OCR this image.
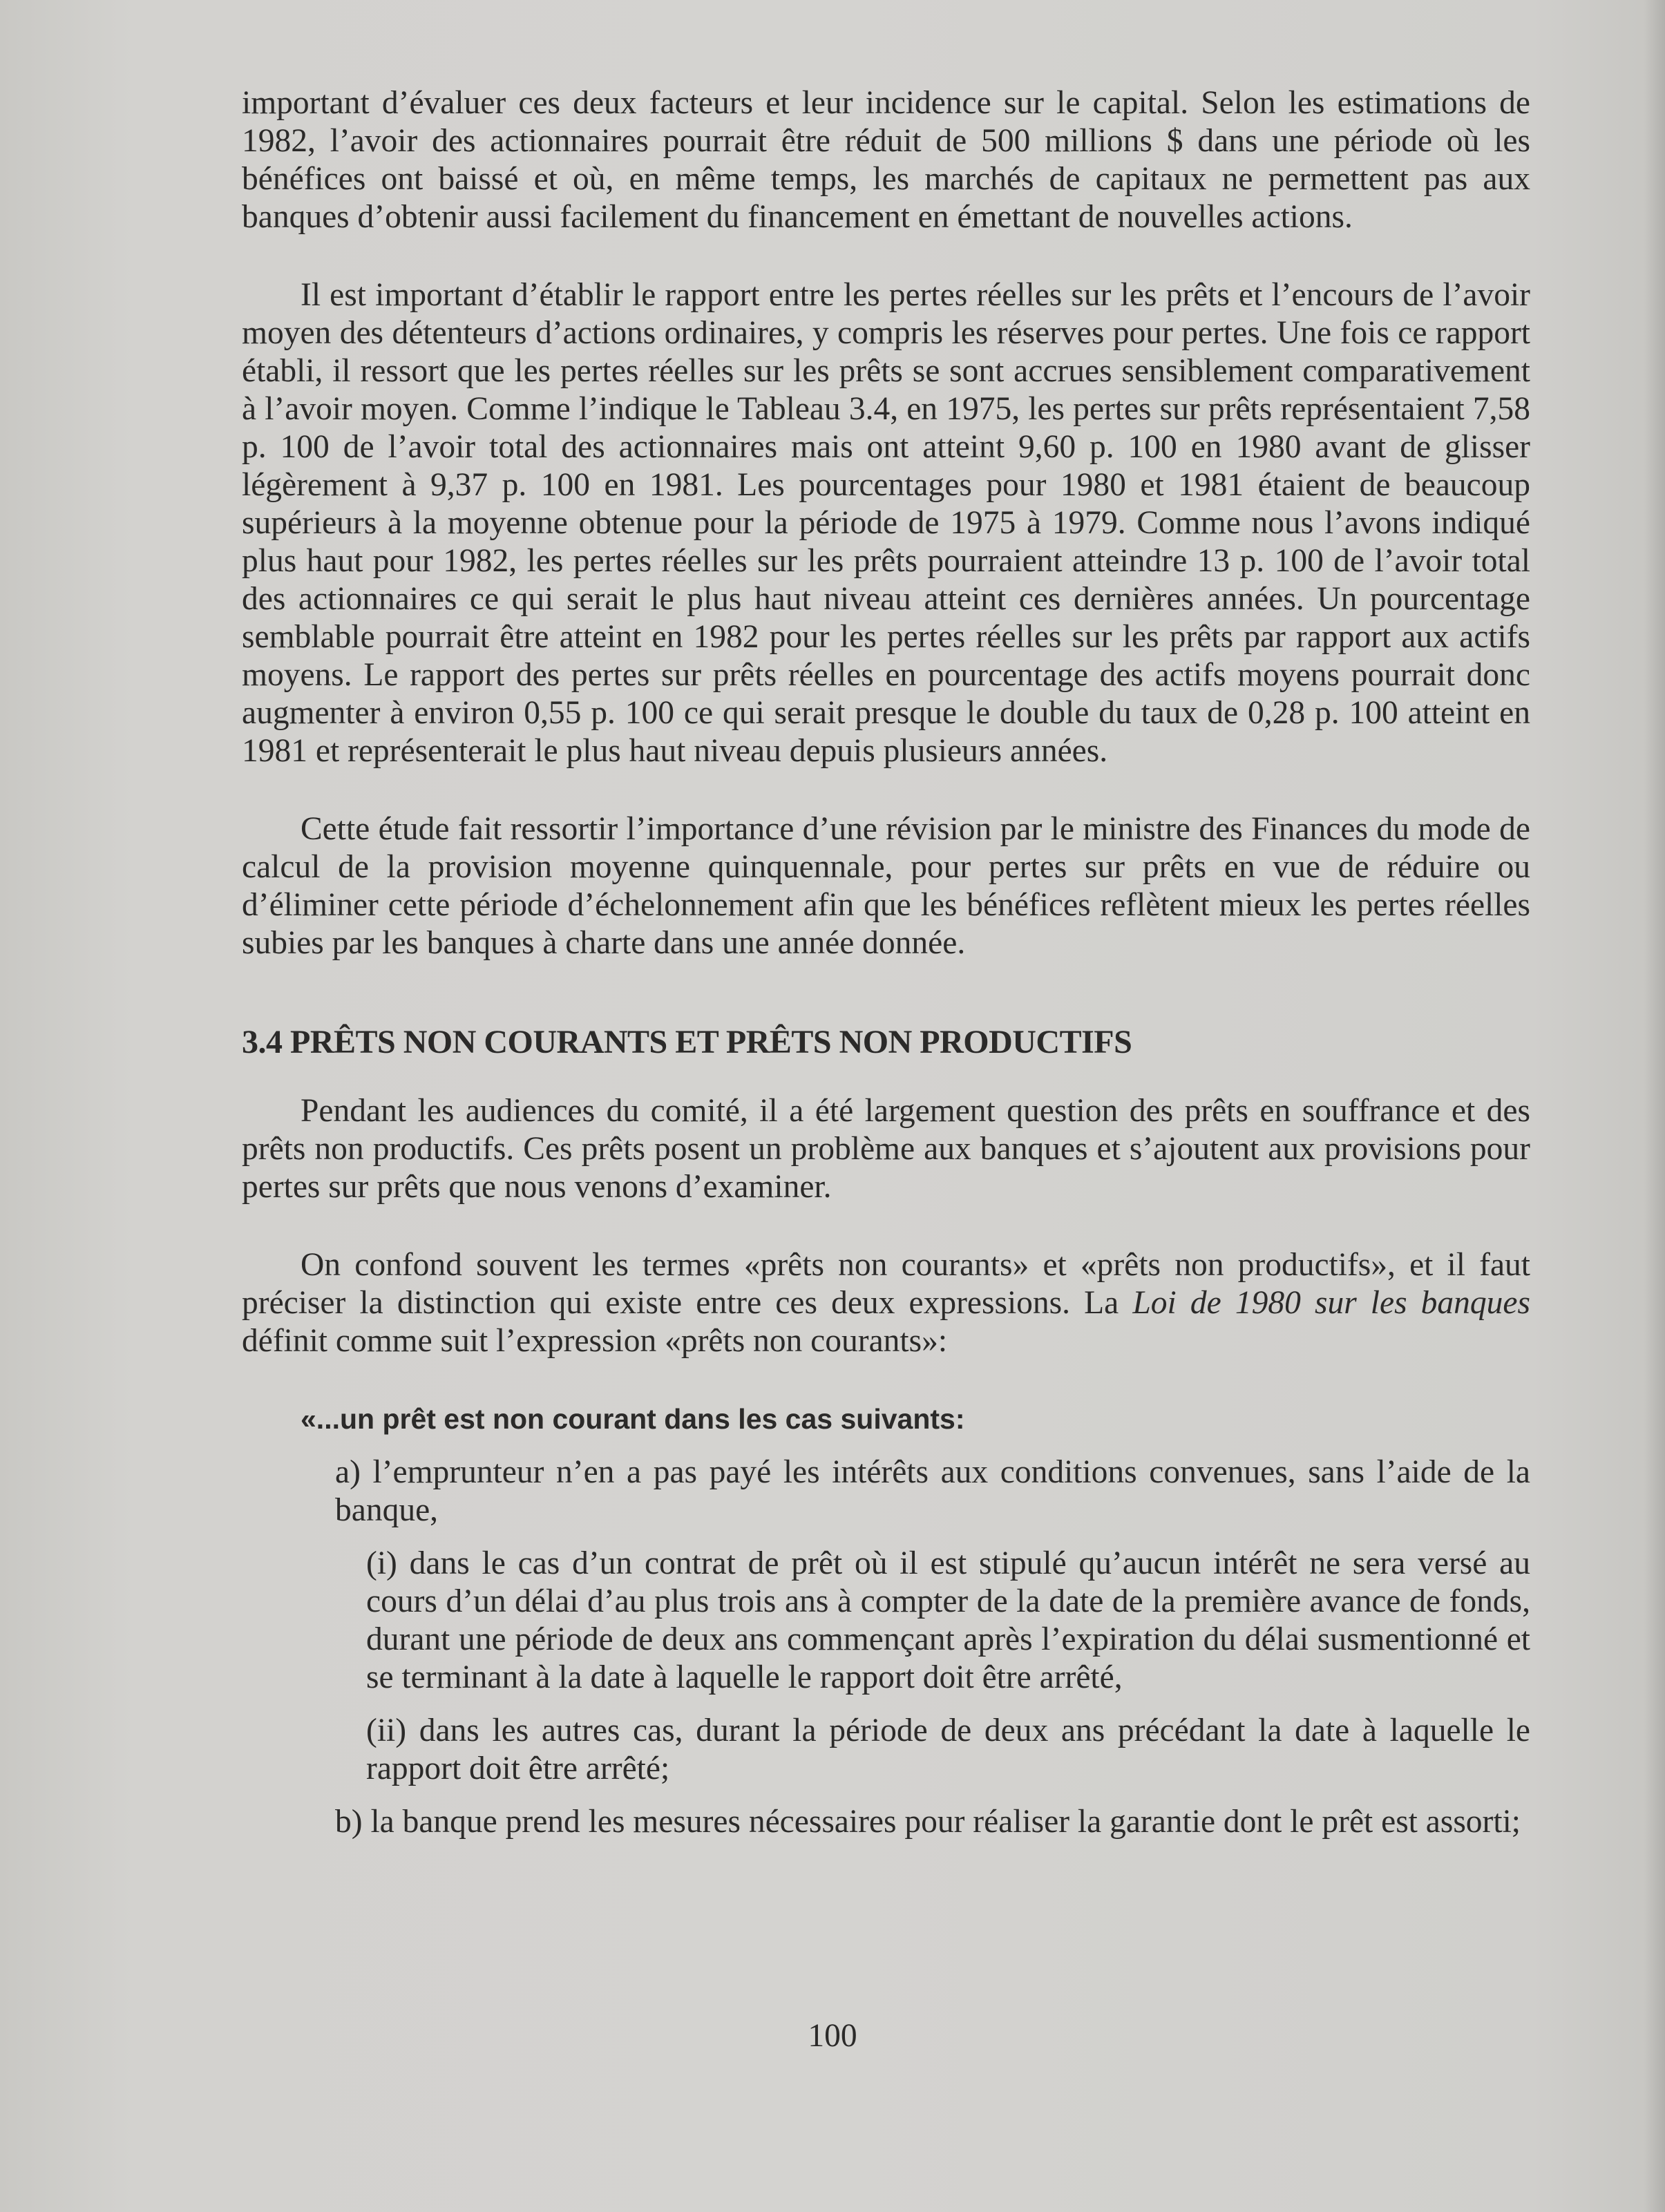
important d’évaluer ces deux facteurs et leur incidence sur le capital. Selon les estimations de 1982, l’avoir des actionnaires pourrait être réduit de 500 millions $ dans une période où les bénéfices ont baissé et où, en même temps, les marchés de capitaux ne permettent pas aux banques d’obtenir aussi facilement du financement en émettant de nouvelles actions.

Il est important d’établir le rapport entre les pertes réelles sur les prêts et l’encours de l’avoir moyen des détenteurs d’actions ordinaires, y compris les réserves pour pertes. Une fois ce rapport établi, il ressort que les pertes réelles sur les prêts se sont accrues sensiblement comparativement à l’avoir moyen. Comme l’indique le Tableau 3.4, en 1975, les pertes sur prêts représentaient 7,58 p. 100 de l’avoir total des actionnaires mais ont atteint 9,60 p. 100 en 1980 avant de glisser légèrement à 9,37 p. 100 en 1981. Les pourcentages pour 1980 et 1981 étaient de beaucoup supérieurs à la moyenne obtenue pour la période de 1975 à 1979. Comme nous l’avons indiqué plus haut pour 1982, les pertes réelles sur les prêts pourraient atteindre 13 p. 100 de l’avoir total des actionnaires ce qui serait le plus haut niveau atteint ces dernières années. Un pourcentage semblable pourrait être atteint en 1982 pour les pertes réelles sur les prêts par rapport aux actifs moyens. Le rapport des pertes sur prêts réelles en pourcentage des actifs moyens pourrait donc augmenter à environ 0,55 p. 100 ce qui serait presque le double du taux de 0,28 p. 100 atteint en 1981 et représenterait le plus haut niveau depuis plusieurs années.

Cette étude fait ressortir l’importance d’une révision par le ministre des Finances du mode de calcul de la provision moyenne quinquennale, pour pertes sur prêts en vue de réduire ou d’éliminer cette période d’échelonnement afin que les bénéfices reflètent mieux les pertes réelles subies par les banques à charte dans une année donnée.

3.4 PRÊTS NON COURANTS ET PRÊTS NON PRODUCTIFS

Pendant les audiences du comité, il a été largement question des prêts en souffrance et des prêts non productifs. Ces prêts posent un problème aux banques et s’ajoutent aux provisions pour pertes sur prêts que nous venons d’examiner.

On confond souvent les termes «prêts non courants» et «prêts non productifs», et il faut préciser la distinction qui existe entre ces deux expressions. La Loi de 1980 sur les banques définit comme suit l’expression «prêts non courants»:

«...un prêt est non courant dans les cas suivants:

a) l’emprunteur n’en a pas payé les intérêts aux conditions convenues, sans l’aide de la banque,

(i) dans le cas d’un contrat de prêt où il est stipulé qu’aucun intérêt ne sera versé au cours d’un délai d’au plus trois ans à compter de la date de la première avance de fonds, durant une période de deux ans commençant après l’expiration du délai susmentionné et se terminant à la date à laquelle le rapport doit être arrêté,

(ii) dans les autres cas, durant la période de deux ans précédant la date à laquelle le rapport doit être arrêté;

b) la banque prend les mesures nécessaires pour réaliser la garantie dont le prêt est assorti;

100
